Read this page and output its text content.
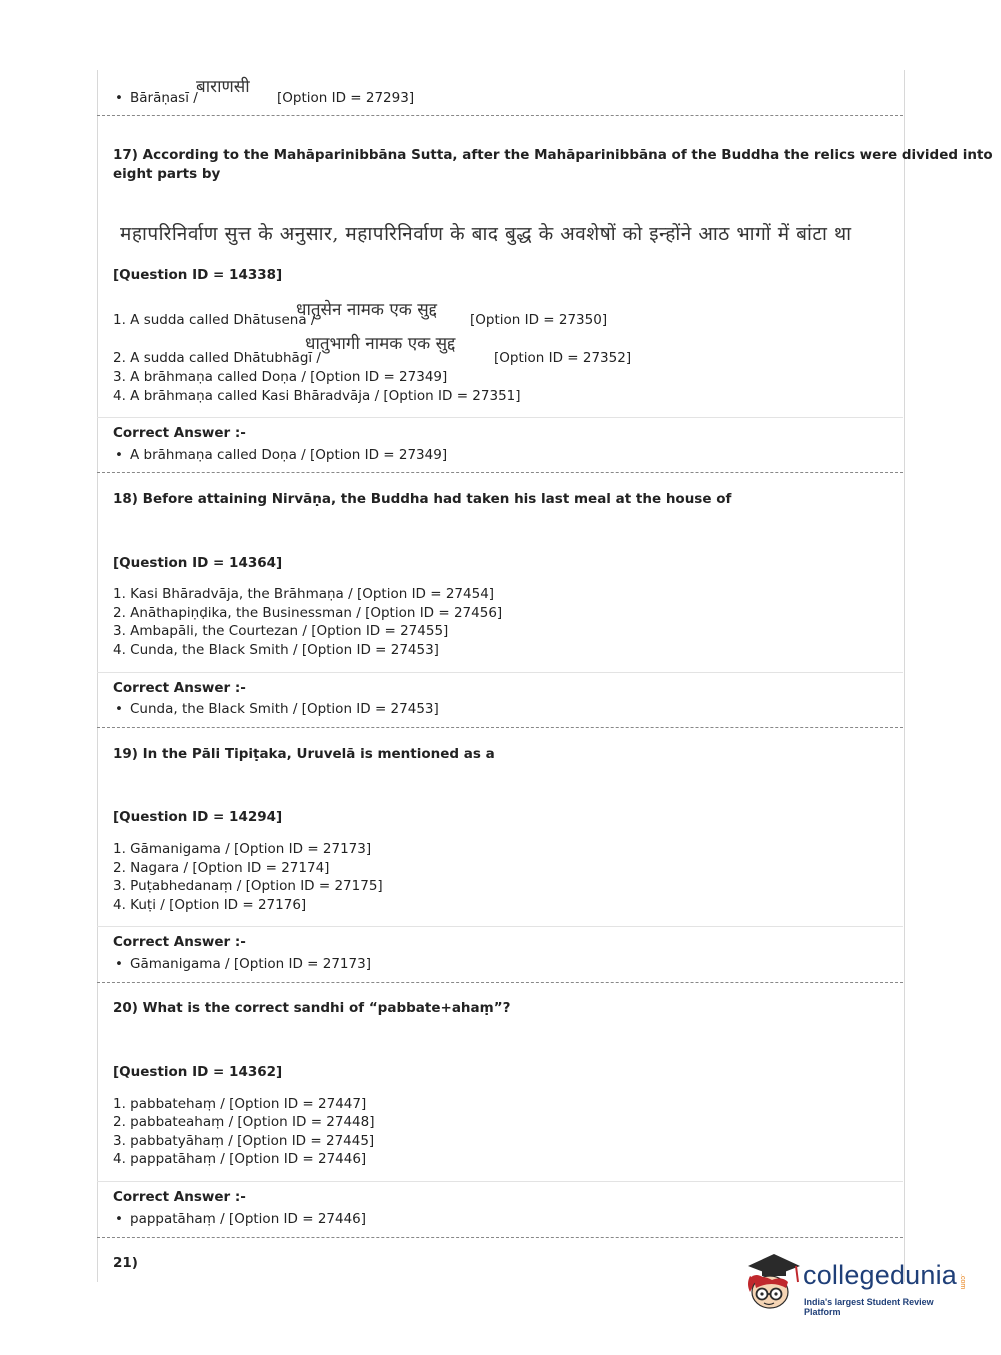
• Bārāṇasī /
बाराणसी
[Option ID = 27293]
17) According to the Mahāparinibbāna Sutta, after the Mahāparinibbāna of the Buddha the relics were divided into
eight parts by
महापरिनिर्वाण सुत्त के अनुसार, महापरिनिर्वाण के बाद बुद्ध के अवशेषों को इन्होंने आठ भागों में बांटा था
[Question ID = 14338]
1. A sudda called Dhātusena /
धातुसेन नामक एक सुद्द [Option ID = 27350]
2. A sudda called Dhātubhāgī /
धातुभागी नामक एक सुद्द
[Option ID = 27352]
3. A brāhmaṇa called Doṇa / [Option ID = 27349]
4. A brāhmaṇa called Kasi Bhāradvāja / [Option ID = 27351]
Correct Answer :-
• A brāhmaṇa called Doṇa / [Option ID = 27349]
18) Before attaining Nirvāṇa, the Buddha had taken his last meal at the house of
[Question ID = 14364]
1. Kasi Bhāradvāja, the Brāhmaṇa / [Option ID = 27454]
2. Anāthapiṇḍika, the Businessman / [Option ID = 27456]
3. Ambapāli, the Courtezan / [Option ID = 27455]
4. Cunda, the Black Smith / [Option ID = 27453]
Correct Answer :-
• Cunda, the Black Smith / [Option ID = 27453]
19) In the Pāli Tipiṭaka, Uruvelā is mentioned as a
[Question ID = 14294]
1. Gāmanigama / [Option ID = 27173]
2. Nagara / [Option ID = 27174]
3. Puṭabhedanaṃ / [Option ID = 27175]
4. Kuṭi / [Option ID = 27176]
Correct Answer :-
• Gāmanigama / [Option ID = 27173]
20) What is the correct sandhi of “pabbate+ahaṃ”?
[Question ID = 14362]
1. pabbatehaṃ / [Option ID = 27447]
2. pabbateahaṃ / [Option ID = 27448]
3. pabbatyāhaṃ / [Option ID = 27445]
4. pappatāhaṃ / [Option ID = 27446]
Correct Answer :-
• pappatāhaṃ / [Option ID = 27446]
21)	collegedunia .com
India's largest Student Review Platform
